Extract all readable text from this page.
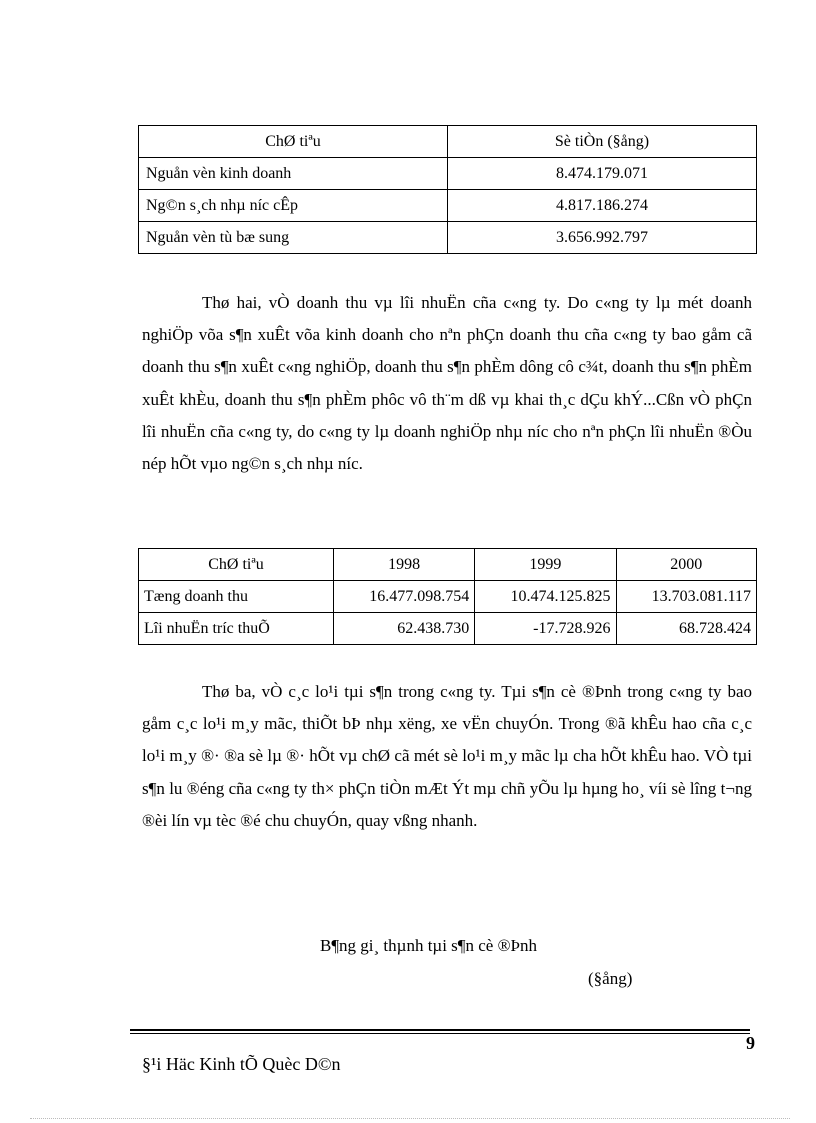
ChØ tiªu	Sè tiÒn (§ång)
Nguån vèn kinh doanh	8.474.179.071
Ng©n s¸ch nhµ níc cÊp	4.817.186.274
Nguån vèn tù bæ sung	3.656.992.797

Thø hai, vÒ doanh thu vµ lîi nhuËn cña c«ng ty. Do c«ng ty lµ mét doanh nghiÖp võa s¶n xuÊt võa kinh doanh cho nªn phÇn doanh thu cña c«ng ty bao gåm cã doanh thu s¶n xuÊt c«ng nghiÖp, doanh thu s¶n phÈm dông cô c¾t, doanh thu s¶n phÈm xuÊt khÈu, doanh thu s¶n phÈm phôc vô th¨m dß vµ khai th¸c dÇu khÝ...Cßn vÒ phÇn lîi nhuËn cña c«ng ty, do c«ng ty lµ doanh nghiÖp nhµ níc cho nªn phÇn lîi nhuËn ®Òu nép hÕt vµo ng©n s¸ch nhµ níc.

ChØ tiªu	1998	1999	2000
Tæng doanh thu	16.477.098.754	10.474.125.825	13.703.081.117
Lîi nhuËn tríc thuÕ	62.438.730	-17.728.926	68.728.424

Thø ba, vÒ c¸c lo¹i tµi s¶n trong c«ng ty. Tµi s¶n cè ®Þnh trong c«ng ty bao gåm c¸c lo¹i m¸y mãc, thiÕt bÞ nhµ xëng, xe vËn chuyÓn. Trong ®ã khÊu hao cña c¸c lo¹i m¸y ®· ®a sè lµ ®· hÕt vµ chØ cã mét sè lo¹i m¸y mãc lµ cha hÕt khÊu hao. VÒ tµi s¶n lu ®éng cña c«ng ty th× phÇn tiÒn mÆt Ýt mµ chñ yÕu lµ hµng ho¸ víi sè lîng t¬ng ®èi lín vµ tèc ®é chu chuyÓn, quay vßng nhanh.

B¶ng gi¸ thµnh tµi s¶n cè ®Þnh
(§ång)
9
§¹i Häc Kinh tÕ Quèc D©n
